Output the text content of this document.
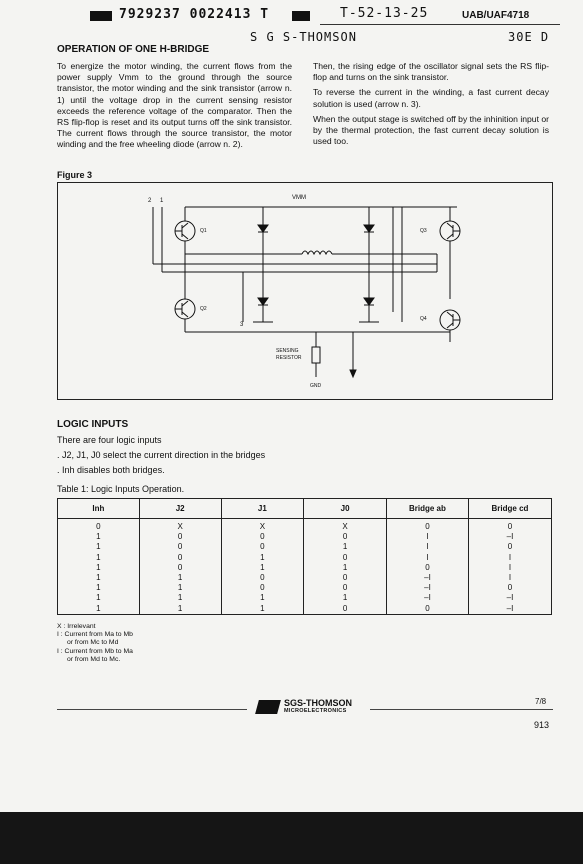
7929237 0022413 T	T-52-13-25	UAB/UAF4718
S G S-THOMSON	30E D
OPERATION OF ONE H-BRIDGE

To energize the motor winding, the current flows from the power supply Vmm to the ground through the source transistor, the motor winding and the sink transistor (arrow n. 1) until the voltage drop in the current sensing resistor exceeds the reference voltage of the comparator. Then the RS flip-flop is reset and its output turns off the sink transistor. The current flows through the source transistor, the motor winding and the free wheeling diode (arrow n. 2).

Then, the rising edge of the oscillator signal sets the RS flip-flop and turns on the sink transistor.

To reverse the current in the winding, a fast current decay solution is used (arrow n. 3).

When the output stage is switched off by the inhinition input or by the thermal protection, the fast current decay solution is used too.

Figure 3
VMM
2 1
3
Q1
Q2
Q3
Q4
SENSING
RESISTOR
GND
LOGIC INPUTS
There are four logic inputs
. J2, J1, J0 select the current direction in the bridges
. Inh disables both bridges.
Table 1: Logic Inputs Operation.
Inh	J2	J1	J0	Bridge ab	Bridge cd
0	X	X	X	0	0
1	0	0	0	I	–I
1	0	0	1	I	0
1	0	1	0	I	I
1	0	1	1	0	I
1	1	0	0	–I	I
1	1	0	0	–I	0
1	1	1	1	–I	–I
1	1	1	0	0	–I
X : Irrelevant
I : Current from Ma to Mb
or from Mc to Md
I : Current from Mb to Ma
or from Md to Mc.
SGS-THOMSON
MICROELECTRONICS
7/8
913
